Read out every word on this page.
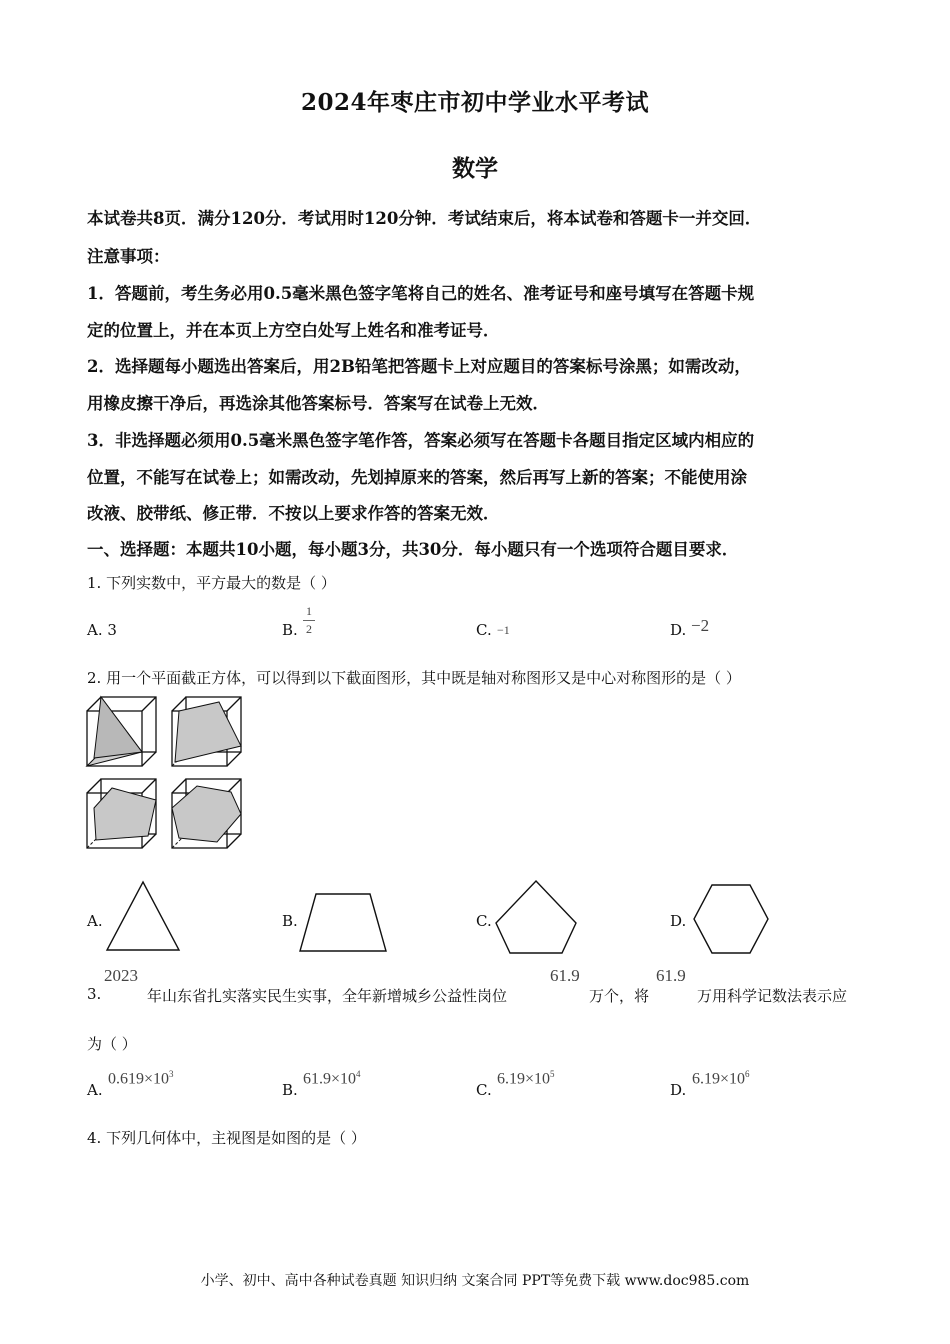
2024年枣庄市初中学业水平考试
数学
本试卷共8页．满分120分．考试用时120分钟．考试结束后，将本试卷和答题卡一并交回．
注意事项：
1．答题前，考生务必用0.5毫米黑色签字笔将自己的姓名、准考证号和座号填写在答题卡规
定的位置上，并在本页上方空白处写上姓名和准考证号．
2．选择题每小题选出答案后，用2B铅笔把答题卡上对应题目的答案标号涂黑；如需改动，
用橡皮擦干净后，再选涂其他答案标号．答案写在试卷上无效．
3．非选择题必须用0.5毫米黑色签字笔作答，答案必须写在答题卡各题目指定区域内相应的
位置，不能写在试卷上；如需改动，先划掉原来的答案，然后再写上新的答案；不能使用涂
改液、胶带纸、修正带．不按以上要求作答的答案无效．
一、选择题：本题共10小题，每小题3分，共30分．每小题只有一个选项符合题目要求．
1. 下列实数中，平方最大的数是（ ）
A. 3	B.
1
2	C. −1	D. −2
2. 用一个平面截正方体，可以得到以下截面图形，其中既是轴对称图形又是中心对称图形的是（ ）
A.	B.	C.	D.
3.
2023
年山东省扎实落实民生实事，全年新增城乡公益性岗位
61.9
万个，将
61.9
万用科学记数法表示应
为（ ）
A.
$0.619\times 10^3$
B.
$61.9\times 10^4$
C.
$6.19\times 10^5$
D.
$6.19\times 10^6$
4. 下列几何体中，主视图是如图的是（ ）
小学、初中、高中各种试卷真题 知识归纳 文案合同 PPT等免费下载 www.doc985.com
